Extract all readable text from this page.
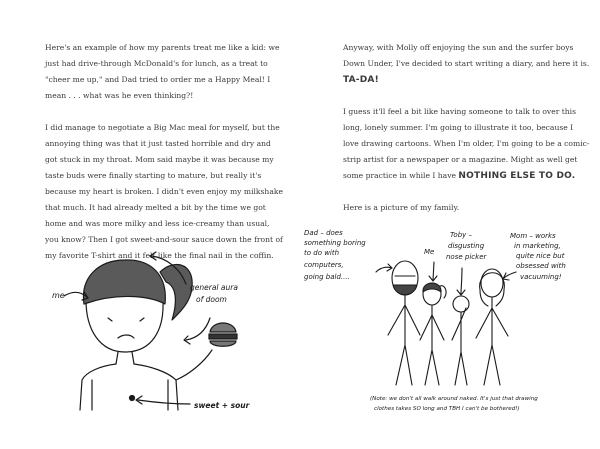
Here's an example of how my parents treat me like a kid: we just had drive-through McDonald's for lunch, as a treat to "cheer me up," and Dad tried to order me a Happy Meal! I mean . . . what was he even thinking?!

I did manage to negotiate a Big Mac meal for myself, but the annoying thing was that it just tasted horrible and dry and got stuck in my throat. Mom said maybe it was because my taste buds were finally starting to mature, but really it's because my heart is broken. I didn't even enjoy my milkshake that much. It had already melted a bit by the time we got home and was more milky and less ice-creamy than usual, you know? Then I got sweet-and-sour sauce down the front of my favorite T-shirt and it felt like the final nail in the coffin.

me
general aura
of doom
sweet + sour

Anyway, with Molly off enjoying the sun and the surfer boys Down Under, I've decided to start writing a diary, and here it is. TA-DA!

I guess it'll feel a bit like having someone to talk to over this long, lonely summer. I'm going to illustrate it too, because I love drawing cartoons. When I'm older, I'm going to be a comic-strip artist for a newspaper or a magazine. Might as well get some practice in while I have NOTHING ELSE TO DO.

Here is a picture of my family.

Dad – does
something boring
to do with
computers,
going bald....
Me
Toby –
disgusting
nose picker
Mom – works
in marketing,
quite nice but
obsessed with
vacuuming!
(Note: we don't all walk around naked. It's just that drawing
clothes takes SO long and TBH I can't be bothered!)
